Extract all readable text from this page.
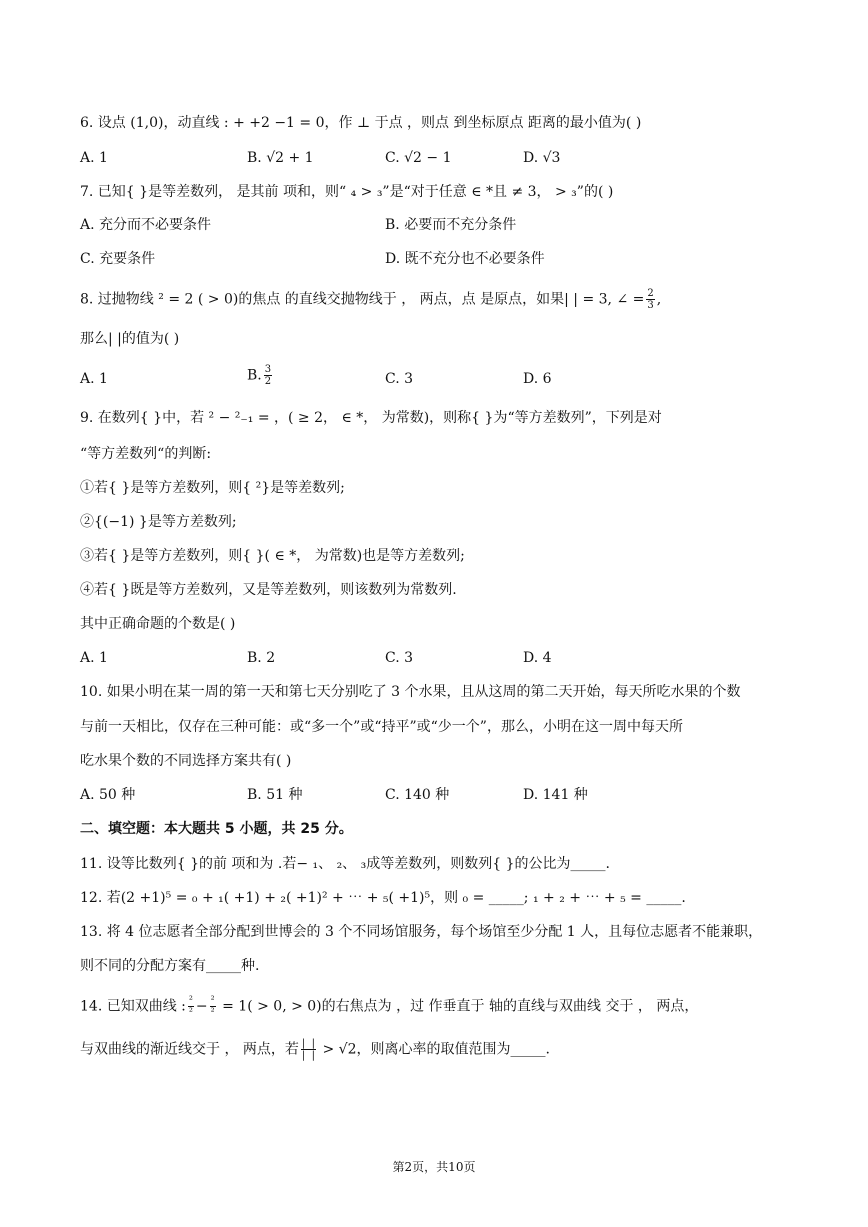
6. 设点 (1,0)，动直线 : + +2 −1 = 0，作 ⊥ 于点 ，则点 到坐标原点 距离的最小值为( )
A. 1	B. √2 + 1	C. √2 − 1	D. √3
7. 已知{ }是等差数列， 是其前 项和，则“ ₄ > ₃”是“对于任意 ∈ *且 ≠ 3， > ₃”的( )
A. 充分而不必要条件	B. 必要而不充分条件
C. 充要条件	D. 既不充分也不必要条件
8. 过抛物线 ² = 2 ( > 0)的焦点 的直线交抛物线于 ， 两点，点 是原点，如果| | = 3, ∠ = $\frac{2}{3}$ ,
那么| |的值为( )
A. 1	B. $\frac{3}{2}$	C. 3	D. 6
9. 在数列{ }中，若 ² − ²₋₁ = ，( ≥ 2， ∈ *， 为常数)，则称{ }为“等方差数列”，下列是对
“等方差数列“的判断:
①若{ }是等方差数列，则{ ²}是等差数列;
②{(−1) }是等方差数列;
③若{ }是等方差数列，则{ }( ∈ *， 为常数)也是等方差数列;
④若{ }既是等方差数列，又是等差数列，则该数列为常数列.
其中正确命题的个数是( )
A. 1	B. 2	C. 3	D. 4
10. 如果小明在某一周的第一天和第七天分别吃了 3 个水果，且从这周的第二天开始，每天所吃水果的个数
与前一天相比，仅存在三种可能：或“多一个”或“持平”或“少一个”，那么，小明在这一周中每天所
吃水果个数的不同选择方案共有( )
A. 50 种	B. 51 种	C. 140 种	D. 141 种
二、填空题：本大题共 5 小题，共 25 分。
11. 设等比数列{ }的前 项和为 .若− ₁、 ₂、 ₃成等差数列，则数列{ }的公比为_____.
12. 若(2 +1)⁵ = ₀ + ₁( +1) + ₂( +1)² + ⋯ + ₅( +1)⁵，则 ₀ = _____; ₁ + ₂ + ⋯ + ₅ = _____.
13. 将 4 位志愿者全部分配到世博会的 3 个不同场馆服务，每个场馆至少分配 1 人，且每位志愿者不能兼职，
则不同的分配方案有_____种.
14. 已知双曲线 : $\frac{\text{²}}{\text{²}} - \frac{\text{²}}{\text{²}} = 1( > 0$, > 0)的右焦点为 ，过 作垂直于 轴的直线与双曲线 交于 ， 两点，
与双曲线的渐近线交于 ， 两点，若 $\frac{| |}{| |} > √2$，则离心率的取值范围为_____.
第2页，共10页
